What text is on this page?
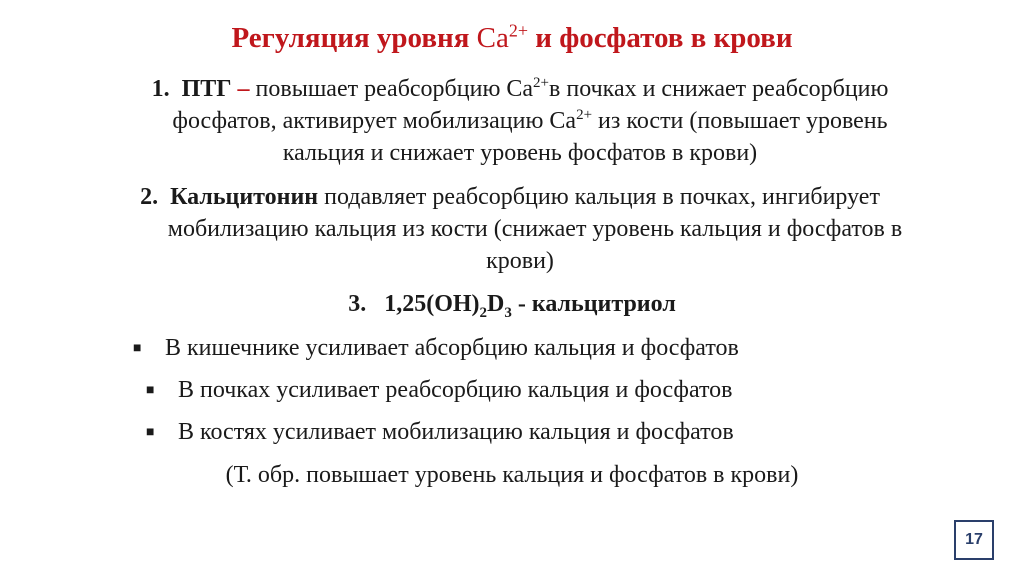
Регуляция уровня $Ca^{2+}$ и фосфатов в крови
1. ПТГ – повышает реабсорбцию $Ca^{2+}в$ почках и снижает реабсорбцию
фосфатов, активирует мобилизацию $Ca^{2+}$ из кости (повышает уровень
кальция и снижает уровень фосфатов в крови)
2. Кальцитонин подавляет реабсорбцию кальция в почках, ингибирует
мобилизацию кальция из кости (снижает уровень кальция и фосфатов в
крови)
3. $1,25(OH)_2D_3$ - кальцитриол
■ В кишечнике усиливает абсорбцию кальция и фосфатов
■ В почках усиливает реабсорбцию кальция и фосфатов
■ В костях усиливает мобилизацию кальция и фосфатов
(Т. обр. повышает уровень кальция и фосфатов в крови)
17
